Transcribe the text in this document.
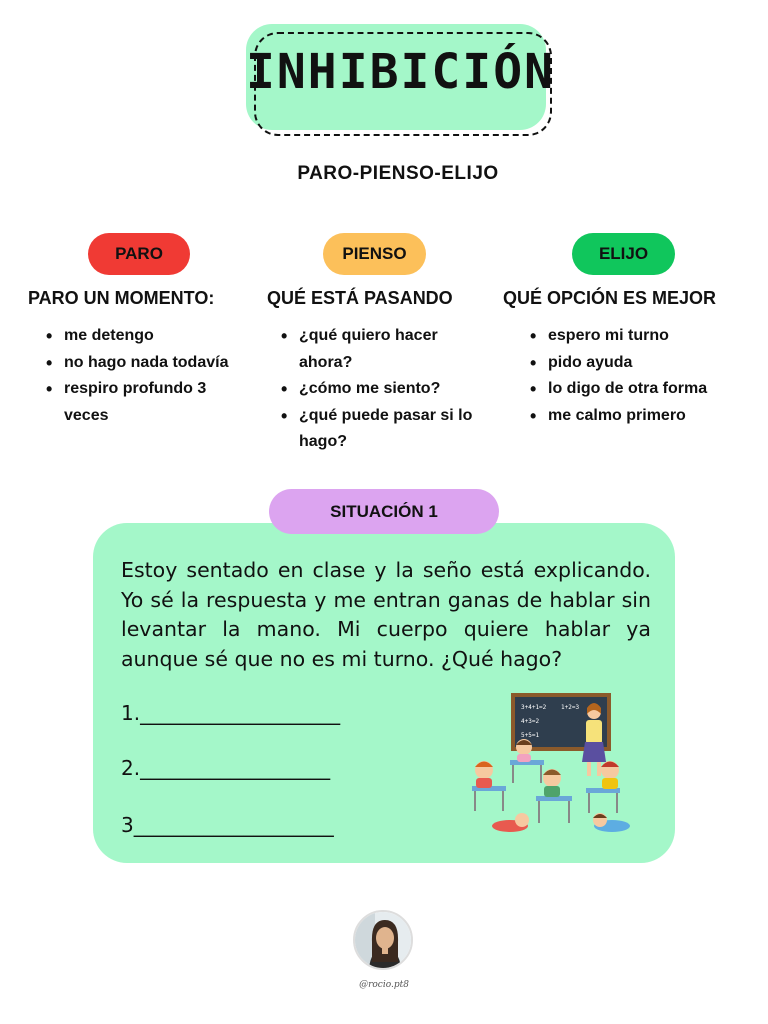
INHIBICIÓN
PARO-PIENSO-ELIJO
PARO	PIENSO	ELIJO
PARO UN MOMENTO:	QUÉ ESTÁ PASANDO	QUÉ OPCIÓN ES MEJOR
• me detengo
• no hago nada todavía
• respiro profundo 3 veces
• ¿qué quiero hacer ahora?
• ¿cómo me siento?
• ¿qué puede pasar si lo hago?
• espero mi turno
• pido ayuda
• lo digo de otra forma
• me calmo primero
SITUACIÓN 1
Estoy sentado en clase y la seño está explicando. Yo sé la respuesta y me entran ganas de hablar sin levantar la mano. Mi cuerpo quiere hablar ya aunque sé que no es mi turno. ¿Qué hago?
1.____________________
2.___________________
3____________________
3+4+1=2 1+2=3
4+3=2
5+5=1
@rocio.pt8
